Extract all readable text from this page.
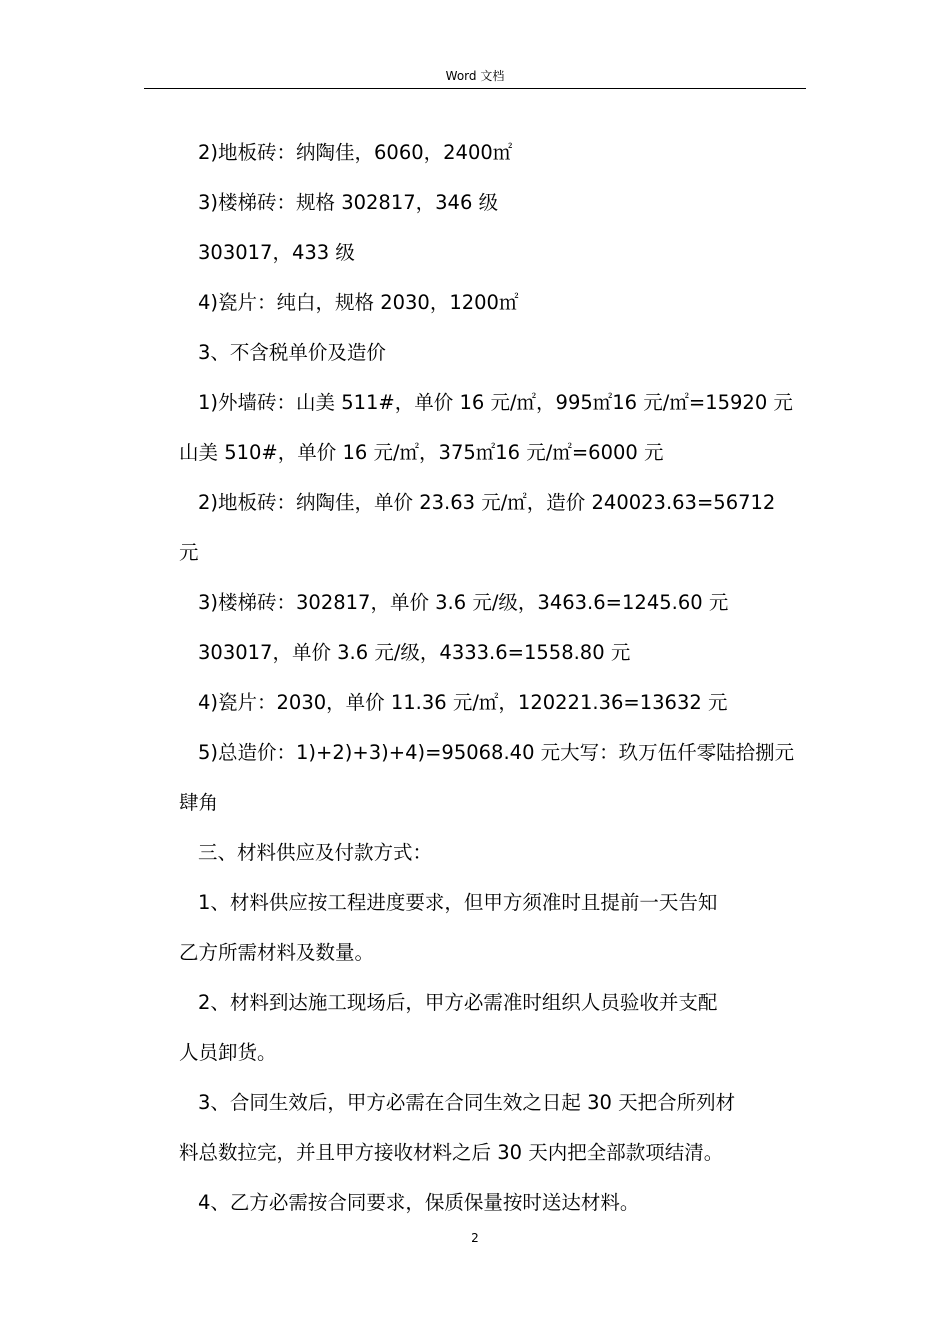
Word 文档
2)地板砖：纳陶佳，6060，2400㎡
3)楼梯砖：规格 302817，346 级
303017，433 级
4)瓷片：纯白，规格 2030，1200㎡
3、不含税单价及造价
1)外墙砖：山美 511#，单价 16 元/㎡，995㎡16 元/㎡=15920 元
山美 510#，单价 16 元/㎡，375㎡16 元/㎡=6000 元
2)地板砖：纳陶佳，单价 23.63 元/㎡，造价 240023.63=56712
元
3)楼梯砖：302817，单价 3.6 元/级，3463.6=1245.60 元
303017，单价 3.6 元/级，4333.6=1558.80 元
4)瓷片：2030，单价 11.36 元/㎡，120221.36=13632 元
5)总造价：1)+2)+3)+4)=95068.40 元大写：玖万伍仟零陆拾捌元
肆角
三、材料供应及付款方式：
1、材料供应按工程进度要求，但甲方须准时且提前一天告知
乙方所需材料及数量。
2、材料到达施工现场后，甲方必需准时组织人员验收并支配
人员卸货。
3、合同生效后，甲方必需在合同生效之日起 30 天把合所列材
料总数拉完，并且甲方接收材料之后 30 天内把全部款项结清。
4、乙方必需按合同要求，保质保量按时送达材料。
2
